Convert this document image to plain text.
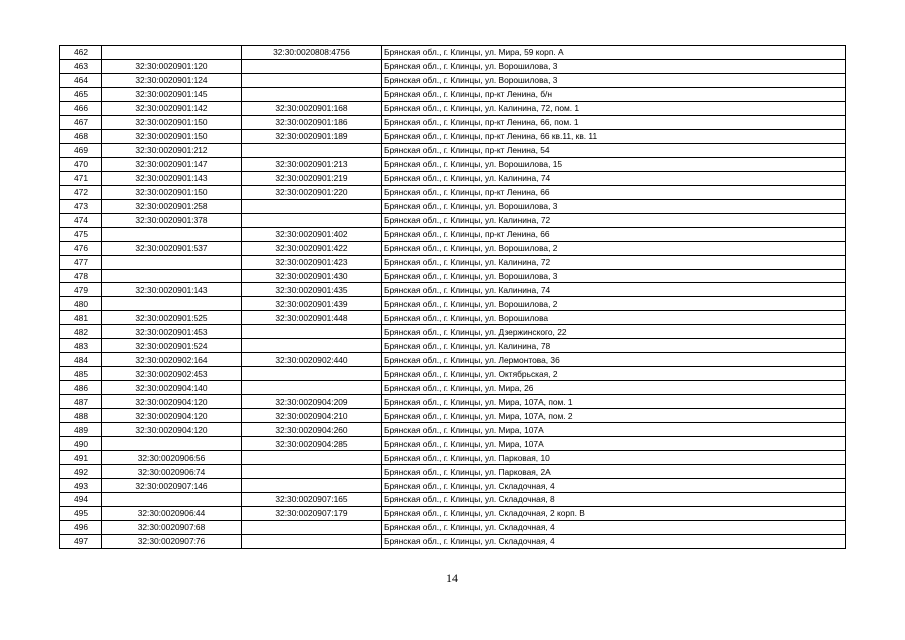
462		32:30:0020808:4756	Брянская обл., г. Клинцы, ул. Мира, 59 корп. А
463	32:30:0020901:120		Брянская обл., г. Клинцы, ул. Ворошилова, 3
464	32:30:0020901:124		Брянская обл., г. Клинцы, ул. Ворошилова, 3
465	32:30:0020901:145		Брянская обл., г. Клинцы, пр-кт Ленина, б/н
466	32:30:0020901:142	32:30:0020901:168	Брянская обл., г. Клинцы, ул. Калинина, 72, пом. 1
467	32:30:0020901:150	32:30:0020901:186	Брянская обл., г. Клинцы, пр-кт Ленина, 66, пом. 1
468	32:30:0020901:150	32:30:0020901:189	Брянская обл., г. Клинцы, пр-кт Ленина, 66 кв.11, кв. 11
469	32:30:0020901:212		Брянская обл., г. Клинцы, пр-кт Ленина, 54
470	32:30:0020901:147	32:30:0020901:213	Брянская обл., г. Клинцы, ул. Ворошилова, 15
471	32:30:0020901:143	32:30:0020901:219	Брянская обл., г. Клинцы, ул. Калинина, 74
472	32:30:0020901:150	32:30:0020901:220	Брянская обл., г. Клинцы, пр-кт Ленина, 66
473	32:30:0020901:258		Брянская обл., г. Клинцы, ул. Ворошилова, 3
474	32:30:0020901:378		Брянская обл., г. Клинцы, ул. Калинина, 72
475		32:30:0020901:402	Брянская обл., г. Клинцы, пр-кт Ленина, 66
476	32:30:0020901:537	32:30:0020901:422	Брянская обл., г. Клинцы, ул. Ворошилова, 2
477		32:30:0020901:423	Брянская обл., г. Клинцы, ул. Калинина, 72
478		32:30:0020901:430	Брянская обл., г. Клинцы, ул. Ворошилова, 3
479	32:30:0020901:143	32:30:0020901:435	Брянская обл., г. Клинцы, ул. Калинина, 74
480		32:30:0020901:439	Брянская обл., г. Клинцы, ул. Ворошилова, 2
481	32:30:0020901:525	32:30:0020901:448	Брянская обл., г. Клинцы, ул. Ворошилова
482	32:30:0020901:453		Брянская обл., г. Клинцы, ул. Дзержинского, 22
483	32:30:0020901:524		Брянская обл., г. Клинцы, ул. Калинина, 78
484	32:30:0020902:164	32:30:0020902:440	Брянская обл., г. Клинцы, ул. Лермонтова, 36
485	32:30:0020902:453		Брянская обл., г. Клинцы, ул. Октябрьская, 2
486	32:30:0020904:140		Брянская обл., г. Клинцы, ул. Мира, 26
487	32:30:0020904:120	32:30:0020904:209	Брянская обл., г. Клинцы, ул. Мира, 107А, пом. 1
488	32:30:0020904:120	32:30:0020904:210	Брянская обл., г. Клинцы, ул. Мира, 107А, пом. 2
489	32:30:0020904:120	32:30:0020904:260	Брянская обл., г. Клинцы, ул. Мира, 107А
490		32:30:0020904:285	Брянская обл., г. Клинцы, ул. Мира, 107А
491	32:30:0020906:56		Брянская обл., г. Клинцы, ул. Парковая, 10
492	32:30:0020906:74		Брянская обл., г. Клинцы, ул. Парковая, 2А
493	32:30:0020907:146		Брянская обл., г. Клинцы, ул. Складочная, 4
494		32:30:0020907:165	Брянская обл., г. Клинцы, ул. Складочная, 8
495	32:30:0020906:44	32:30:0020907:179	Брянская обл., г. Клинцы, ул. Складочная, 2 корп. В
496	32:30:0020907:68		Брянская обл., г. Клинцы, ул. Складочная, 4
497	32:30:0020907:76		Брянская обл., г. Клинцы, ул. Складочная, 4
14
